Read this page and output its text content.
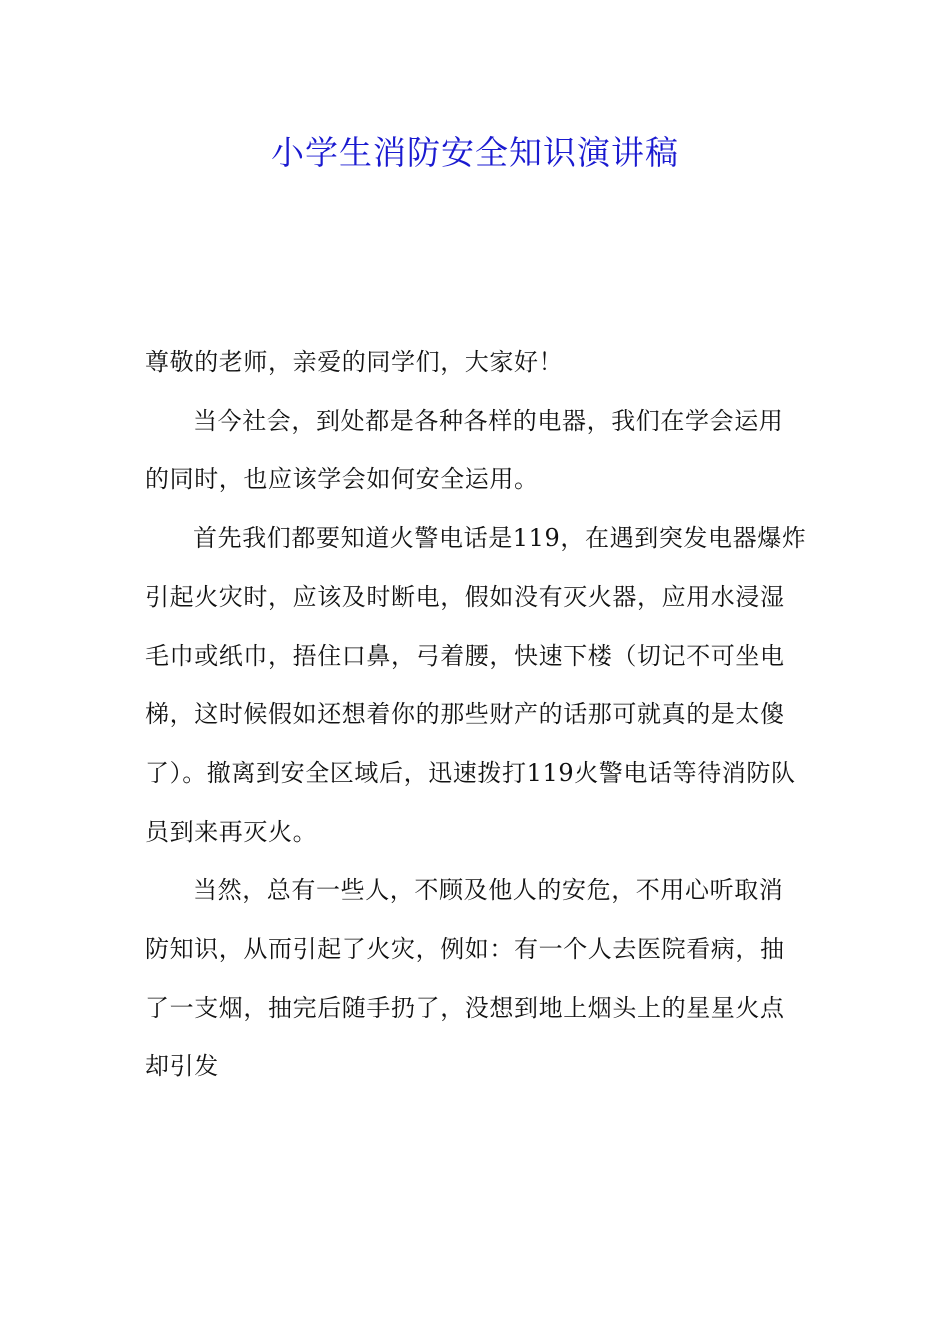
小学生消防安全知识演讲稿

尊敬的老师，亲爱的同学们，大家好！

当今社会，到处都是各种各样的电器，我们在学会运用的同时，也应该学会如何安全运用。

首先我们都要知道火警电话是119，在遇到突发电器爆炸引起火灾时，应该及时断电，假如没有灭火器，应用水浸湿毛巾或纸巾，捂住口鼻，弓着腰，快速下楼（切记不可坐电梯，这时候假如还想着你的那些财产的话那可就真的是太傻了）。撤离到安全区域后，迅速拨打119火警电话等待消防队员到来再灭火。

当然，总有一些人，不顾及他人的安危，不用心听取消防知识，从而引起了火灾，例如：有一个人去医院看病，抽了一支烟，抽完后随手扔了，没想到地上烟头上的星星火点却引发
